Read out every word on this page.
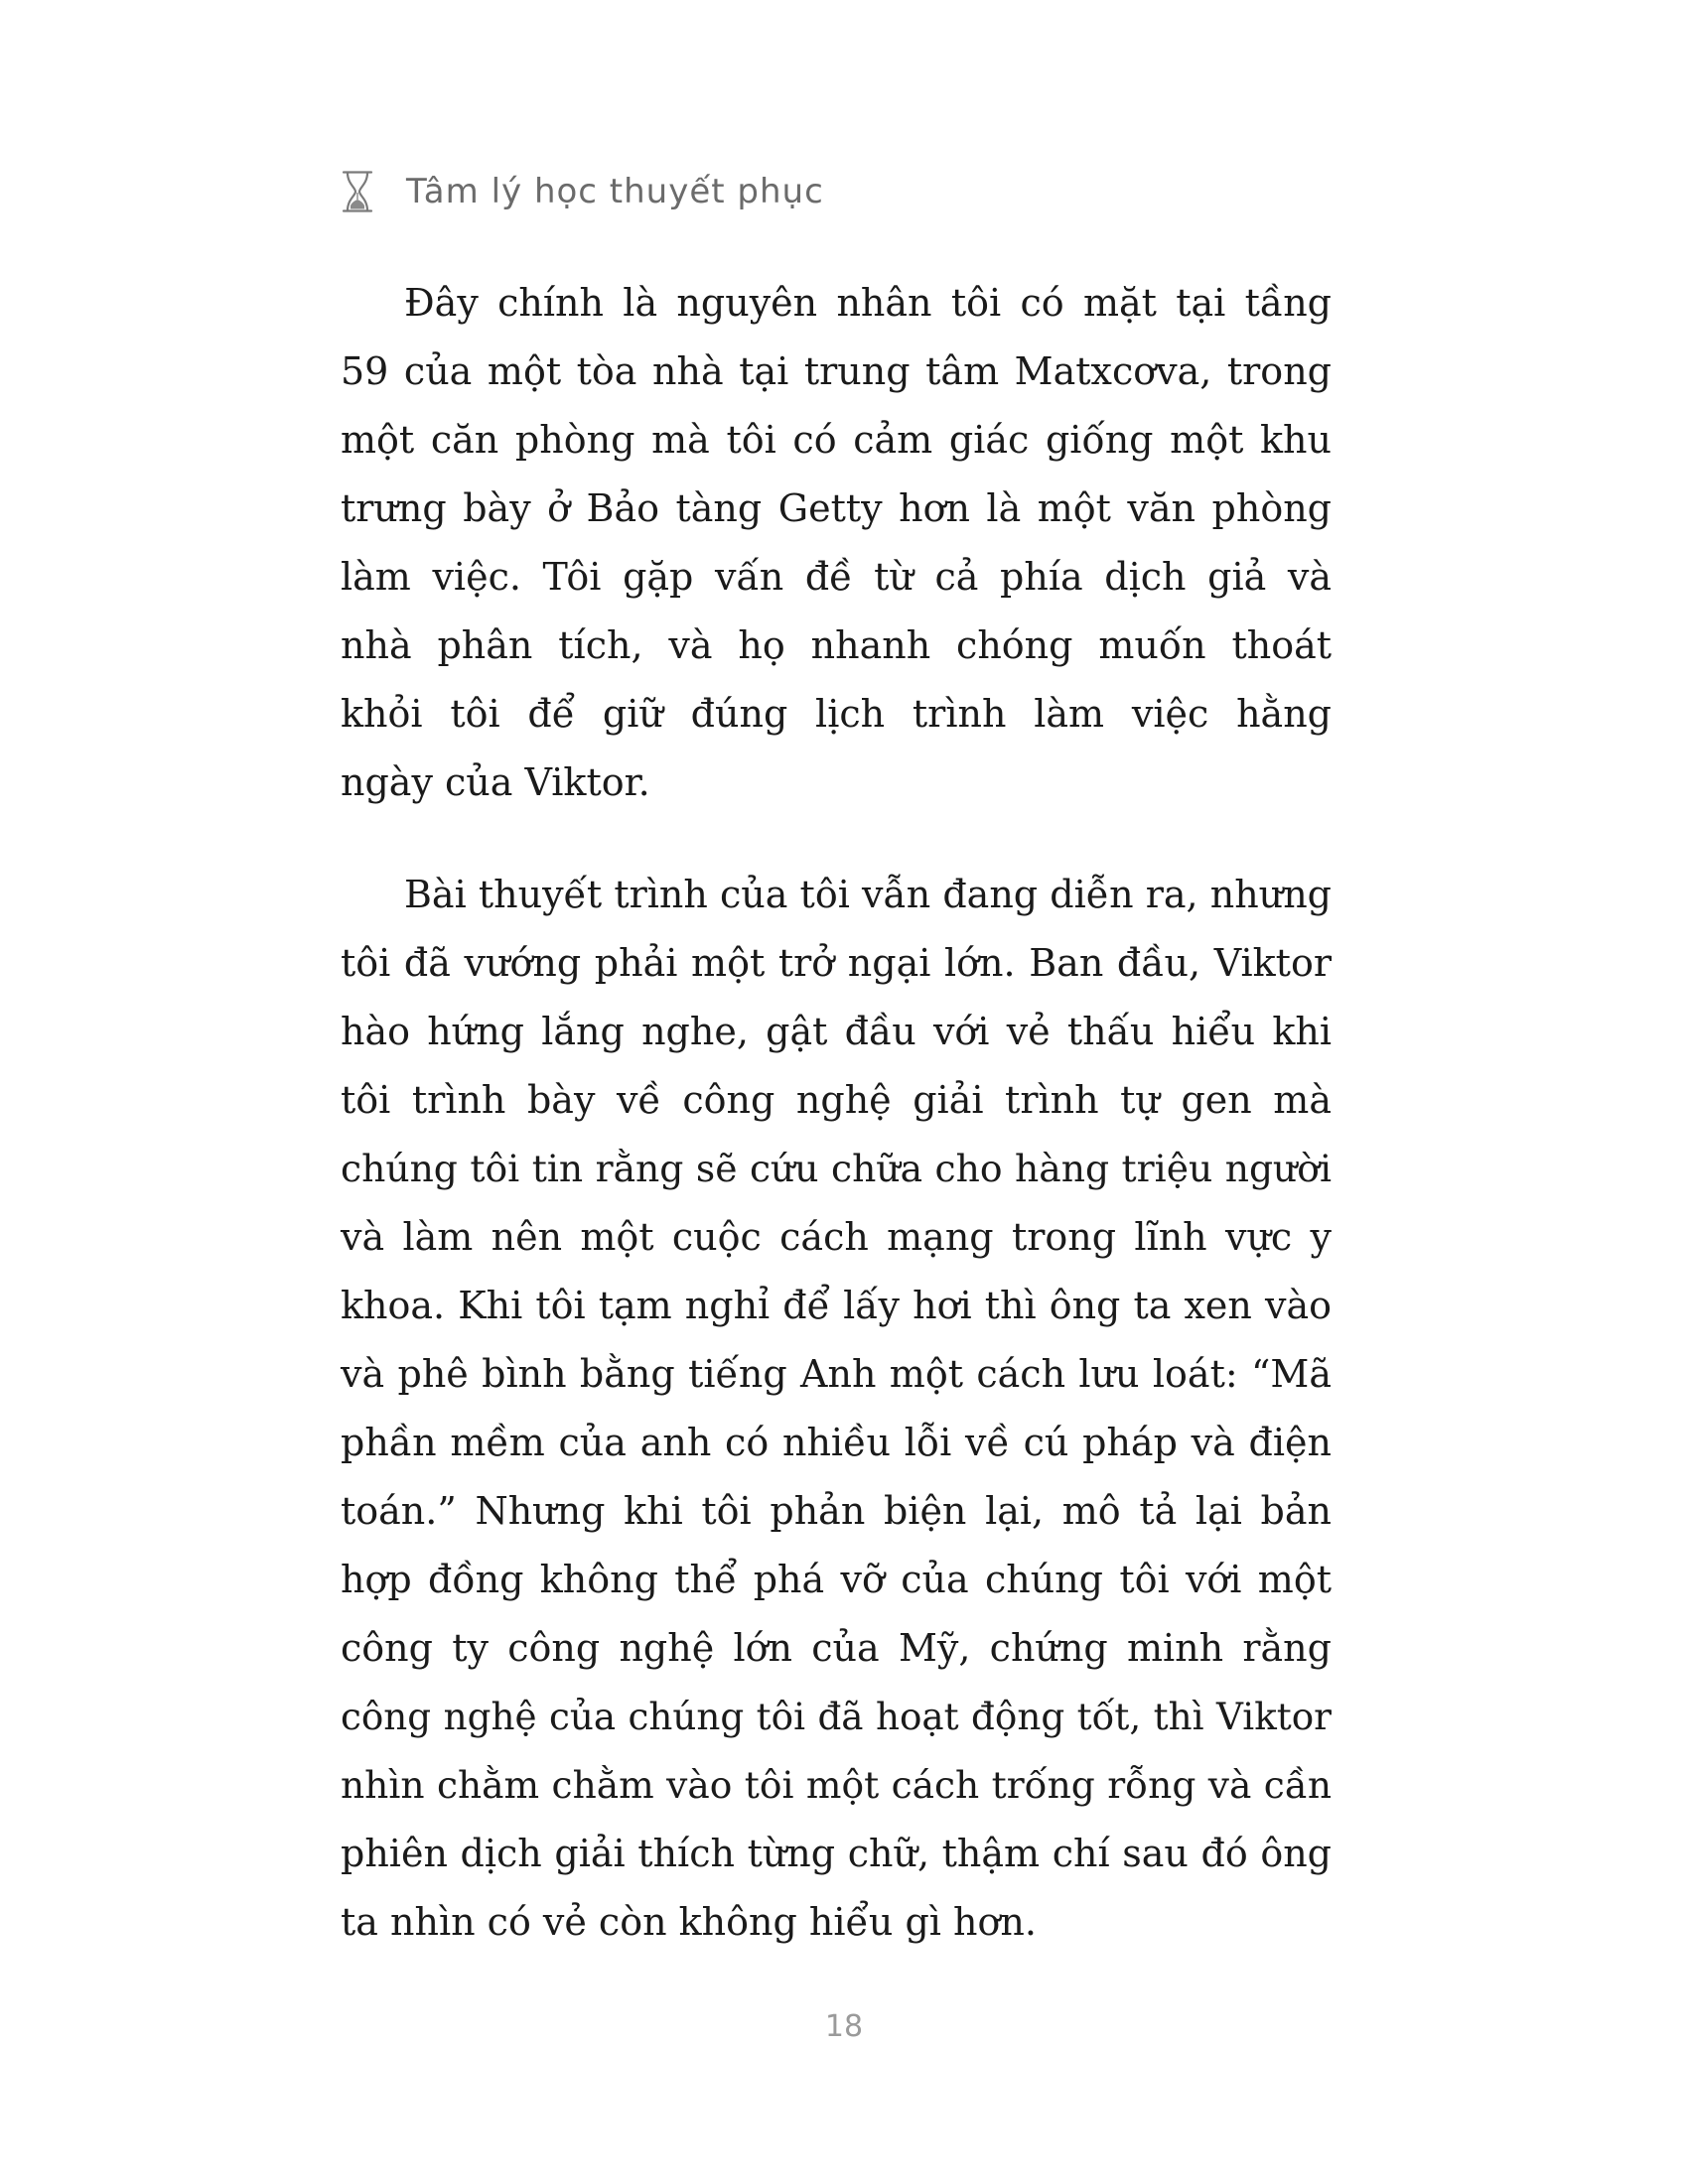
Tâm lý học thuyết phục

Đây chính là nguyên nhân tôi có mặt tại tầng
59 của một tòa nhà tại trung tâm Matxcơva, trong
một căn phòng mà tôi có cảm giác giống một khu
trưng bày ở Bảo tàng Getty hơn là một văn phòng
làm việc. Tôi gặp vấn đề từ cả phía dịch giả và
nhà phân tích, và họ nhanh chóng muốn thoát
khỏi tôi để giữ đúng lịch trình làm việc hằng
ngày của Viktor.

Bài thuyết trình của tôi vẫn đang diễn ra, nhưng
tôi đã vướng phải một trở ngại lớn. Ban đầu, Viktor
hào hứng lắng nghe, gật đầu với vẻ thấu hiểu khi
tôi trình bày về công nghệ giải trình tự gen mà
chúng tôi tin rằng sẽ cứu chữa cho hàng triệu người
và làm nên một cuộc cách mạng trong lĩnh vực y
khoa. Khi tôi tạm nghỉ để lấy hơi thì ông ta xen vào
và phê bình bằng tiếng Anh một cách lưu loát: “Mã
phần mềm của anh có nhiều lỗi về cú pháp và điện
toán.” Nhưng khi tôi phản biện lại, mô tả lại bản
hợp đồng không thể phá vỡ của chúng tôi với một
công ty công nghệ lớn của Mỹ, chứng minh rằng
công nghệ của chúng tôi đã hoạt động tốt, thì Viktor
nhìn chằm chằm vào tôi một cách trống rỗng và cần
phiên dịch giải thích từng chữ, thậm chí sau đó ông
ta nhìn có vẻ còn không hiểu gì hơn.

18
